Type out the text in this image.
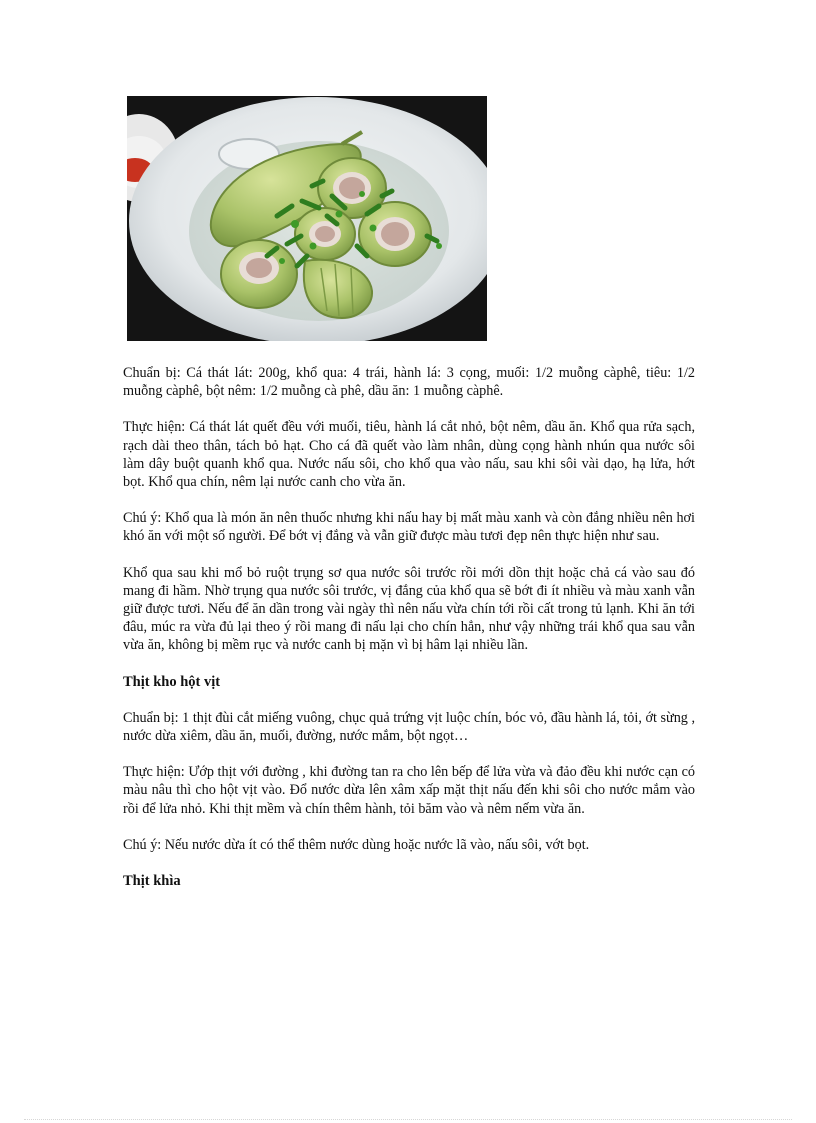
Chuẩn bị: Cá thát lát: 200g, khổ qua: 4 trái, hành lá: 3 cọng, muối: 1/2 muỗng càphê, tiêu: 1/2 muỗng càphê, bột nêm: 1/2 muỗng cà phê, dầu ăn: 1 muỗng càphê.

Thực hiện: Cá thát lát quết đều với muối, tiêu, hành lá cắt nhỏ, bột nêm, dầu ăn. Khổ qua rửa sạch, rạch dài theo thân, tách bỏ hạt. Cho cá đã quết vào làm nhân, dùng cọng hành nhún qua nước sôi làm dây buột quanh khổ qua. Nước nấu sôi, cho khổ qua vào nấu, sau khi sôi vài dạo, hạ lửa, hớt bọt. Khổ qua chín, nêm lại nước canh cho vừa ăn.

Chú ý: Khổ qua là món ăn nên thuốc nhưng khi nấu hay bị mất màu xanh và còn đắng nhiều nên hơi khó ăn với một số người. Để bớt vị đắng và vẫn giữ được màu tươi đẹp nên thực hiện như sau.

Khổ qua sau khi mổ bỏ ruột trụng sơ qua nước sôi trước rồi mới dồn thịt hoặc chả cá vào sau đó mang đi hầm. Nhờ trụng qua nước sôi trước, vị đắng của khổ qua sẽ bớt đi ít nhiều và màu xanh vẫn giữ được tươi. Nếu để ăn dần trong vài ngày thì nên nấu vừa chín tới rồi cất trong tủ lạnh. Khi ăn tới đâu, múc ra vừa đủ lại theo ý rồi mang đi nấu lại cho chín hẳn, như vậy những trái khổ qua sau vẫn vừa ăn, không bị mềm rục và nước canh bị mặn vì bị hâm lại nhiều lần.

Thịt kho hột vịt

Chuẩn bị: 1 thịt đùi cắt miếng vuông, chục quả trứng vịt luộc chín, bóc vỏ, đầu hành lá, tỏi, ớt sừng , nước dừa xiêm, dầu ăn, muối, đường, nước mắm, bột ngọt…

Thực hiện: Ướp thịt với đường , khi đường tan ra cho lên bếp để lửa vừa và đảo đều khi nước cạn có màu nâu thì cho hột vịt vào. Đổ nước dừa lên xâm xấp mặt thịt nấu đến khi sôi cho nước mắm vào rồi để lửa nhỏ. Khi thịt mềm và chín thêm hành, tỏi băm vào và nêm nếm vừa ăn.

Chú ý: Nếu nước dừa ít có thể thêm nước dùng hoặc nước lã vào, nấu sôi, vớt bọt.

Thịt khìa
